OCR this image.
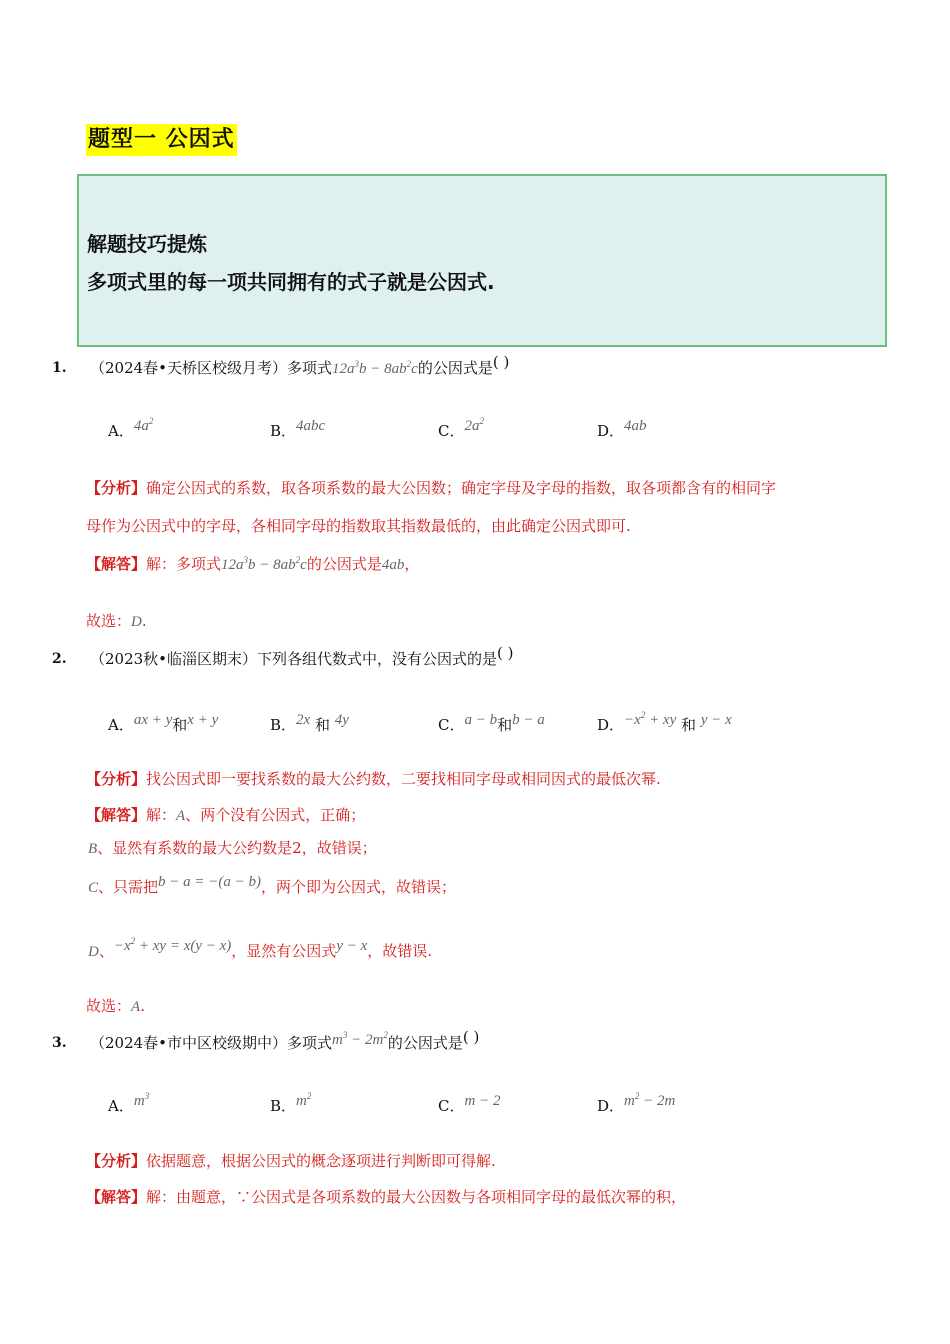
题型一 公因式
解题技巧提炼
多项式里的每一项共同拥有的式子就是公因式.
1. （2024春•天桥区校级月考）多项式$12a^3b - 8ab^2c$的公因式是( )
A．$4a^2$
B．4abc	C．$2a^2$
D．4ab
【分析】确定公因式的系数，取各项系数的最大公因数；确定字母及字母的指数，取各项都含有的相同字
母作为公因式中的字母，各相同字母的指数取其指数最低的，由此确定公因式即可.
【解答】解：多项式$12a^3b - 8ab^2c$的公因式是4ab，
故选：D.
2. （2023秋•临淄区期末）下列各组代数式中，没有公因式的是( )
A．ax + y和x + y	B．2x 和 4y	C．a − b和b − a	D．$-x^2$ + xy 和 y − x
【分析】找公因式即一要找系数的最大公约数，二要找相同字母或相同因式的最低次幂.
【解答】解：A、两个没有公因式，正确；
B、显然有系数的最大公约数是2，故错误；
C、只需把b − a = −(a − b)，两个即为公因式，故错误；
D、$-x^2$ + xy = x(y − x)，显然有公因式y − x，故错误.
故选：A.
3. （2024春•市中区校级期中）多项式$m^3 - 2m^2$的公因式是( )
A．$m^3$
B．$m^2$
C．m − 2	D．$m^2 - 2m$
【分析】依据题意，根据公因式的概念逐项进行判断即可得解.
【解答】解：由题意，∵公因式是各项系数的最大公因数与各项相同字母的最低次幂的积，
